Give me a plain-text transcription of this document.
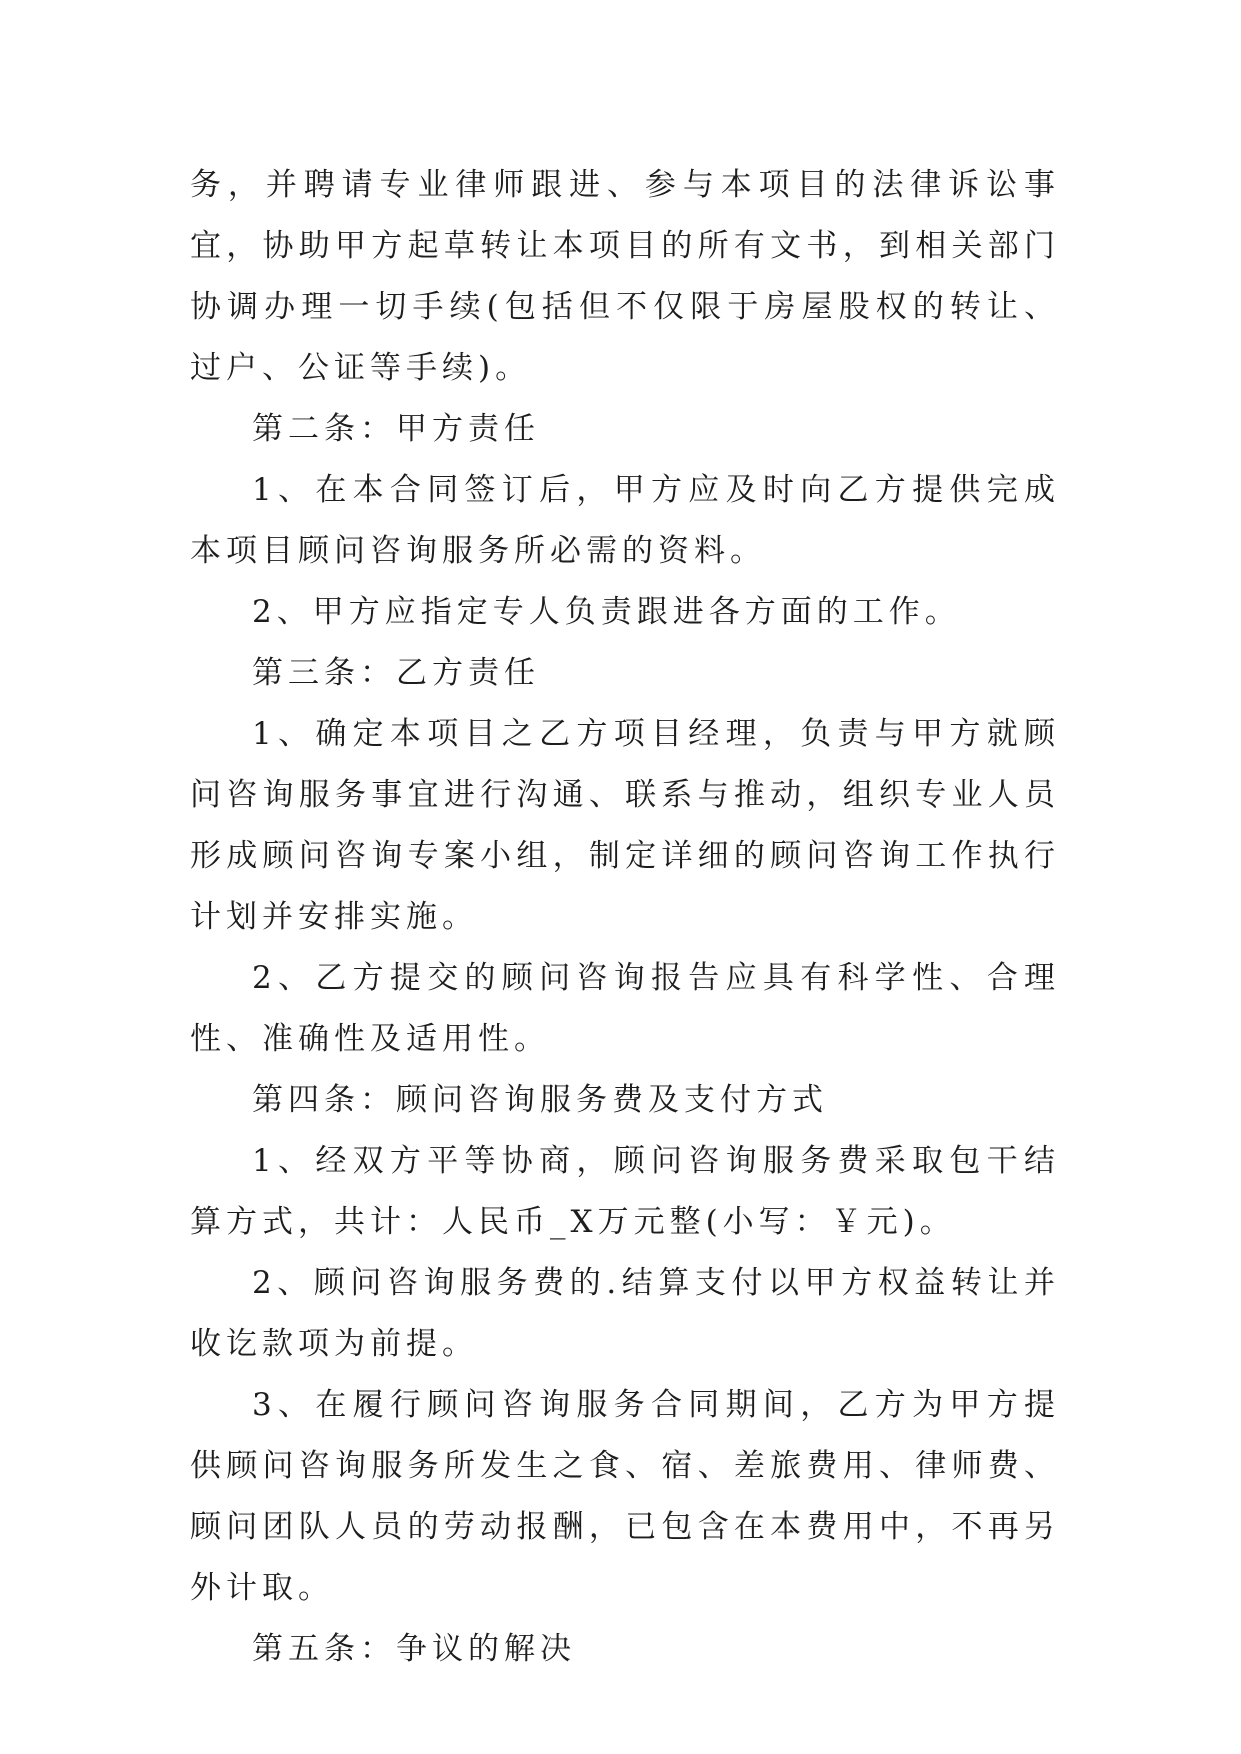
务，并聘请专业律师跟进、参与本项目的法律诉讼事宜，协助甲方起草转让本项目的所有文书，到相关部门协调办理一切手续(包括但不仅限于房屋股权的转让、过户、公证等手续)。

第二条：甲方责任

1、在本合同签订后，甲方应及时向乙方提供完成本项目顾问咨询服务所必需的资料。

2、甲方应指定专人负责跟进各方面的工作。

第三条：乙方责任

1、确定本项目之乙方项目经理，负责与甲方就顾问咨询服务事宜进行沟通、联系与推动，组织专业人员形成顾问咨询专案小组，制定详细的顾问咨询工作执行计划并安排实施。

2、乙方提交的顾问咨询报告应具有科学性、合理性、准确性及适用性。

第四条：顾问咨询服务费及支付方式

1、经双方平等协商，顾问咨询服务费采取包干结算方式，共计：人民币_X万元整(小写：￥元)。

2、顾问咨询服务费的.结算支付以甲方权益转让并收讫款项为前提。

3、在履行顾问咨询服务合同期间，乙方为甲方提供顾问咨询服务所发生之食、宿、差旅费用、律师费、顾问团队人员的劳动报酬，已包含在本费用中，不再另外计取。

第五条：争议的解决
